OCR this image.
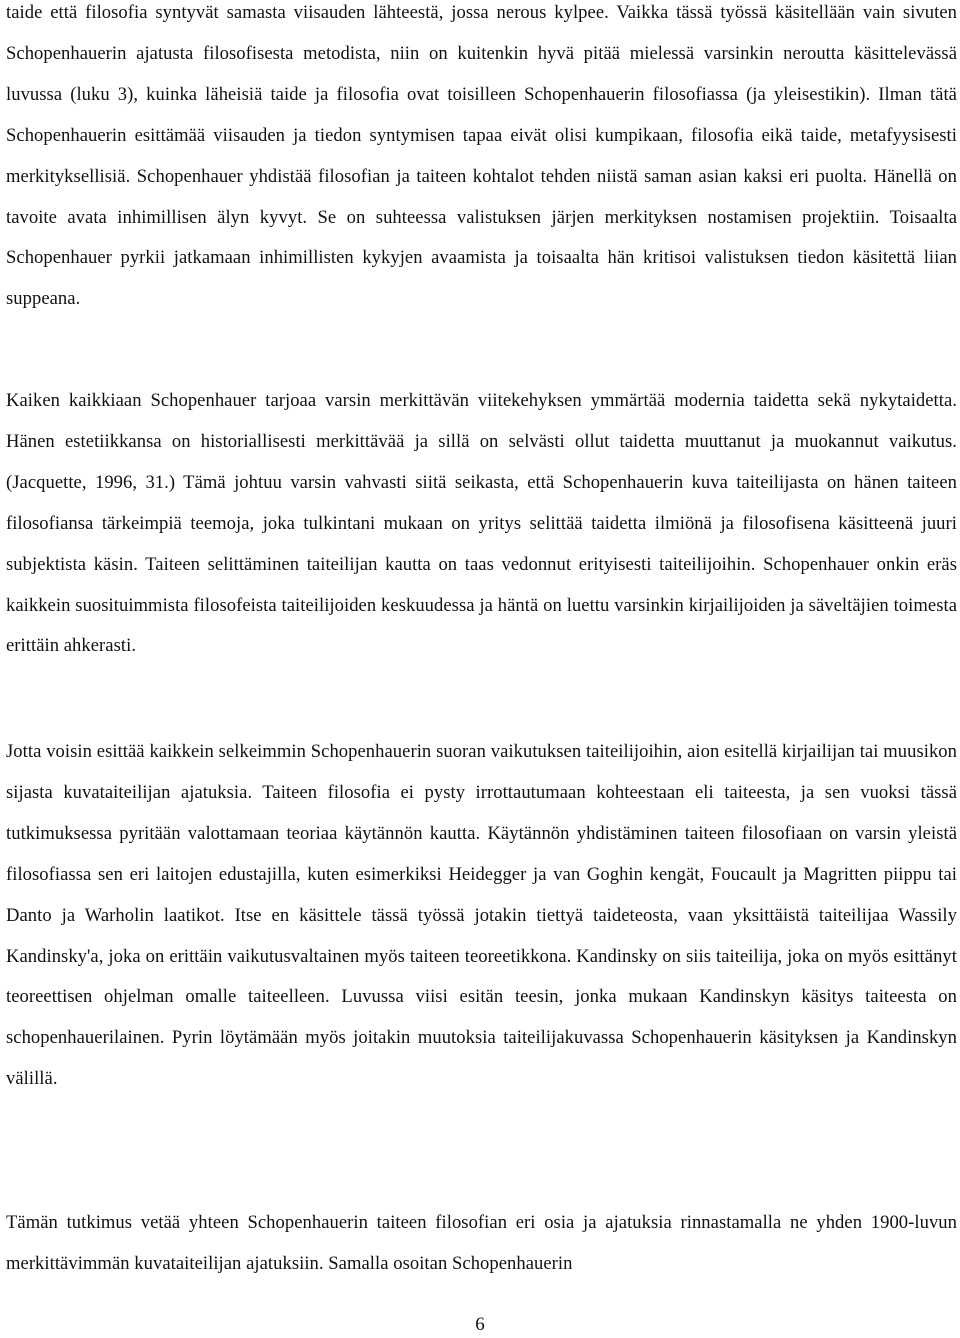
taide että filosofia syntyvät samasta viisauden lähteestä, jossa nerous kylpee. Vaikka tässä työssä käsitellään vain sivuten Schopenhauerin ajatusta filosofisesta metodista, niin on kuitenkin hyvä pitää mielessä varsinkin neroutta käsittelevässä luvussa (luku 3), kuinka läheisiä taide ja filosofia ovat toisilleen Schopenhauerin filosofiassa (ja yleisestikin). Ilman tätä Schopenhauerin esittämää viisauden ja tiedon syntymisen tapaa eivät olisi kumpikaan, filosofia eikä taide, metafyysisesti merkityksellisiä. Schopenhauer yhdistää filosofian ja taiteen kohtalot tehden niistä saman asian kaksi eri puolta. Hänellä on tavoite avata inhimillisen älyn kyvyt. Se on suhteessa valistuksen järjen merkityksen nostamisen projektiin. Toisaalta Schopenhauer pyrkii jatkamaan inhimillisten kykyjen avaamista ja toisaalta hän kritisoi valistuksen tiedon käsitettä liian suppeana.

Kaiken kaikkiaan Schopenhauer tarjoaa varsin merkittävän viitekehyksen ymmärtää modernia taidetta sekä nykytaidetta. Hänen estetiikkansa on historiallisesti merkittävää ja sillä on selvästi ollut taidetta muuttanut ja muokannut vaikutus. (Jacquette, 1996, 31.) Tämä johtuu varsin vahvasti siitä seikasta, että Schopenhauerin kuva taiteilijasta on hänen taiteen filosofiansa tärkeimpiä teemoja, joka tulkintani mukaan on yritys selittää taidetta ilmiönä ja filosofisena käsitteenä juuri subjektista käsin. Taiteen selittäminen taiteilijan kautta on taas vedonnut erityisesti taiteilijoihin. Schopenhauer onkin eräs kaikkein suosituimmista filosofeista taiteilijoiden keskuudessa ja häntä on luettu varsinkin kirjailijoiden ja säveltäjien toimesta erittäin ahkerasti.

Jotta voisin esittää kaikkein selkeimmin Schopenhauerin suoran vaikutuksen taiteilijoihin, aion esitellä kirjailijan tai muusikon sijasta kuvataiteilijan ajatuksia. Taiteen filosofia ei pysty irrottautumaan kohteestaan eli taiteesta, ja sen vuoksi tässä tutkimuksessa pyritään valottamaan teoriaa käytännön kautta. Käytännön yhdistäminen taiteen filosofiaan on varsin yleistä filosofiassa sen eri laitojen edustajilla, kuten esimerkiksi Heidegger ja van Goghin kengät, Foucault ja Magritten piippu tai Danto ja Warholin laatikot. Itse en käsittele tässä työssä jotakin tiettyä taideteosta, vaan yksittäistä taiteilijaa Wassily Kandinsky'a, joka on erittäin vaikutusvaltainen myös taiteen teoreetikkona. Kandinsky on siis taiteilija, joka on myös esittänyt teoreettisen ohjelman omalle taiteelleen. Luvussa viisi esitän teesin, jonka mukaan Kandinskyn käsitys taiteesta on schopenhauerilainen. Pyrin löytämään myös joitakin muutoksia taiteilijakuvassa Schopenhauerin käsityksen ja Kandinskyn välillä.

Tämän tutkimus vetää yhteen Schopenhauerin taiteen filosofian eri osia ja ajatuksia rinnastamalla ne yhden 1900-luvun merkittävimmän kuvataiteilijan ajatuksiin. Samalla osoitan Schopenhauerin

6
